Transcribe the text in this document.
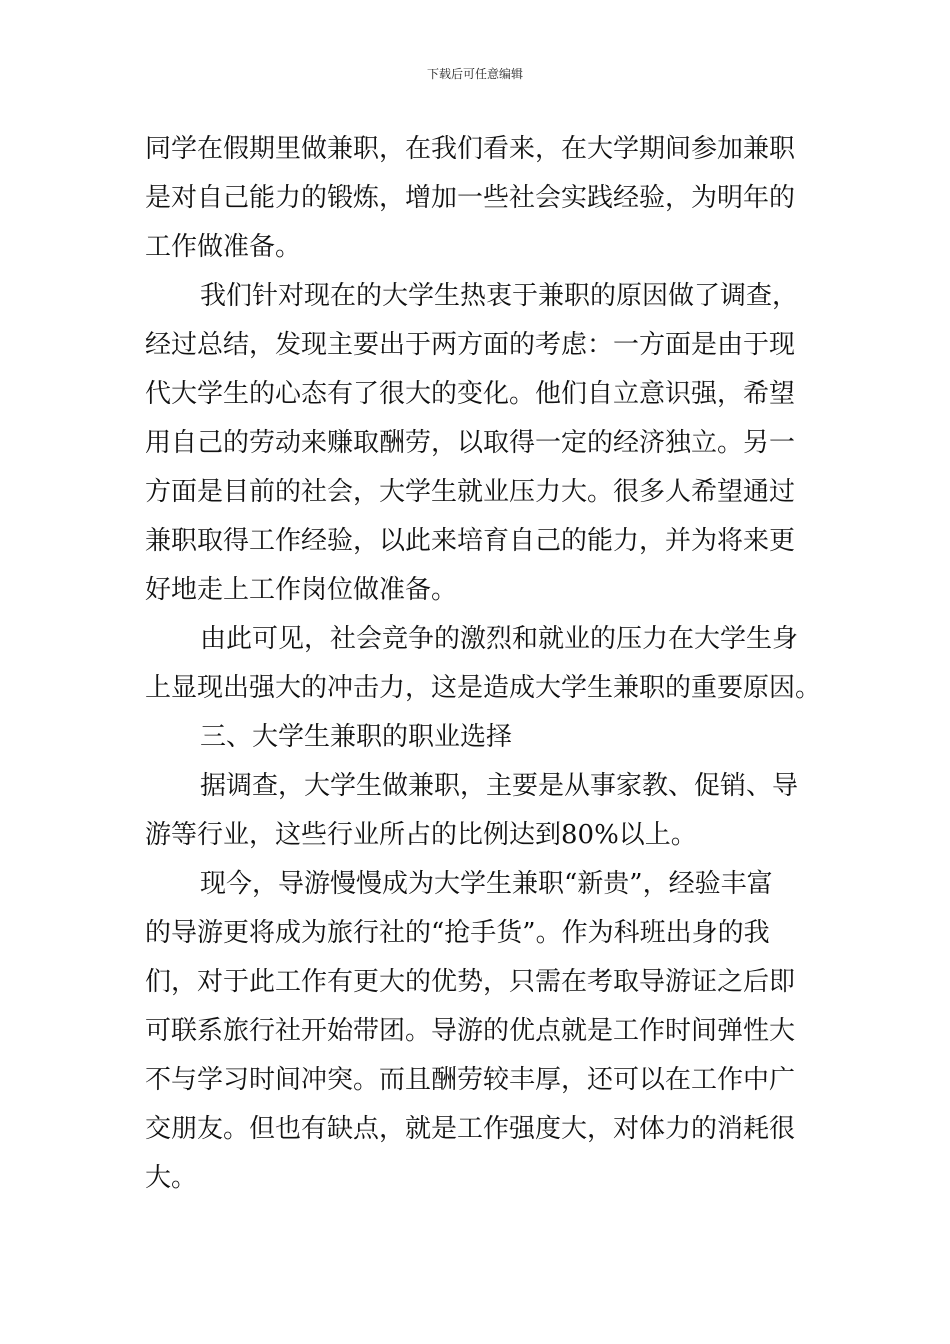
下载后可任意编辑
同学在假期里做兼职，在我们看来，在大学期间参加兼职
是对自己能力的锻炼，增加一些社会实践经验，为明年的
工作做准备。
我们针对现在的大学生热衷于兼职的原因做了调查，
经过总结，发现主要出于两方面的考虑：一方面是由于现
代大学生的心态有了很大的变化。他们自立意识强，希望
用自己的劳动来赚取酬劳，以取得一定的经济独立。另一
方面是目前的社会，大学生就业压力大。很多人希望通过
兼职取得工作经验，以此来培育自己的能力，并为将来更
好地走上工作岗位做准备。
由此可见，社会竞争的激烈和就业的压力在大学生身
上显现出强大的冲击力，这是造成大学生兼职的重要原因。
三、大学生兼职的职业选择
据调查，大学生做兼职，主要是从事家教、促销、导
游等行业，这些行业所占的比例达到80%以上。
现今，导游慢慢成为大学生兼职“新贵”，经验丰富
的导游更将成为旅行社的“抢手货”。作为科班出身的我
们，对于此工作有更大的优势，只需在考取导游证之后即
可联系旅行社开始带团。导游的优点就是工作时间弹性大
不与学习时间冲突。而且酬劳较丰厚，还可以在工作中广
交朋友。但也有缺点，就是工作强度大，对体力的消耗很
大。
